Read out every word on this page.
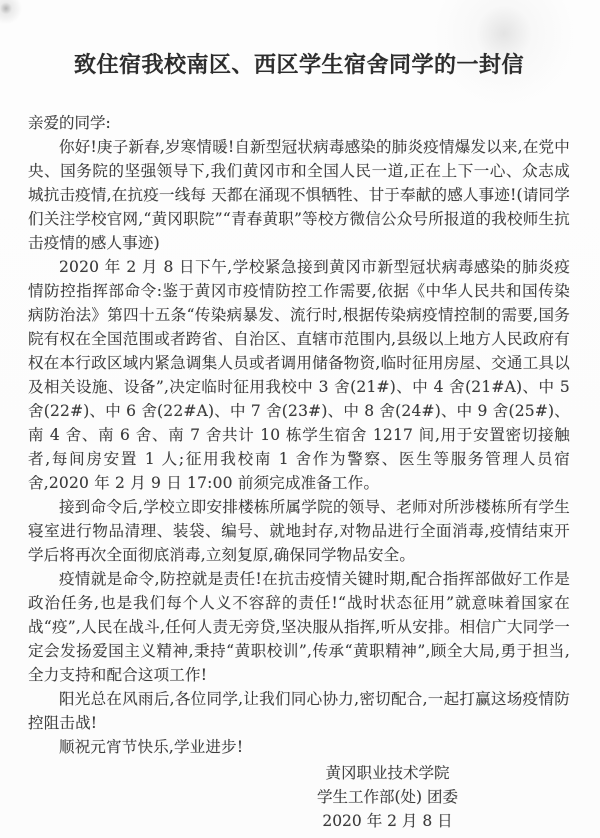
致住宿我校南区、西区学生宿舍同学的一封信

亲爱的同学:

你好!庚子新春,岁寒情暖!自新型冠状病毒感染的肺炎疫情爆发以来,在党中央、国务院的坚强领导下,我们黄冈市和全国人民一道,正在上下一心、众志成城抗击疫情,在抗疫一线每 天都在涌现不惧牺牲、甘于奉献的感人事迹!(请同学们关注学校官网,“黄冈职院”“青春黄职”等校方微信公众号所报道的我校师生抗击疫情的感人事迹)

2020 年 2 月 8 日下午,学校紧急接到黄冈市新型冠状病毒感染的肺炎疫情防控指挥部命令:鉴于黄冈市疫情防控工作需要,依据《中华人民共和国传染病防治法》第四十五条“传染病暴发、流行时,根据传染病疫情控制的需要,国务院有权在全国范围或者跨省、自治区、直辖市范围内,县级以上地方人民政府有权在本行政区域内紧急调集人员或者调用储备物资,临时征用房屋、交通工具以及相关设施、设备”,决定临时征用我校中 3 舍(21#)、中 4 舍(21#A)、中 5 舍(22#)、中 6 舍(22#A)、中 7 舍(23#)、中 8 舍(24#)、中 9 舍(25#)、南 4 舍、南 6 舍、南 7 舍共计 10 栋学生宿舍 1217 间,用于安置密切接触者,每间房安置 1 人;征用我校南 1 舍作为警察、医生等服务管理人员宿舍,2020 年 2 月 9 日 17:00 前须完成准备工作。

接到命令后,学校立即安排楼栋所属学院的领导、老师对所涉楼栋所有学生寝室进行物品清理、装袋、编号、就地封存,对物品进行全面消毒,疫情结束开学后将再次全面彻底消毒,立刻复原,确保同学物品安全。

疫情就是命令,防控就是责任!在抗击疫情关键时期,配合指挥部做好工作是政治任务,也是我们每个人义不容辞的责任!“战时状态征用”就意味着国家在战“疫”,人民在战斗,任何人责无旁贷,坚决服从指挥,听从安排。相信广大同学一定会发扬爱国主义精神,秉持“黄职校训”,传承“黄职精神”,顾全大局,勇于担当,全力支持和配合这项工作!

阳光总在风雨后,各位同学,让我们同心协力,密切配合,一起打赢这场疫情防控阻击战!

顺祝元宵节快乐,学业进步!

黄冈职业技术学院
学生工作部(处) 团委
2020 年 2 月 8 日
